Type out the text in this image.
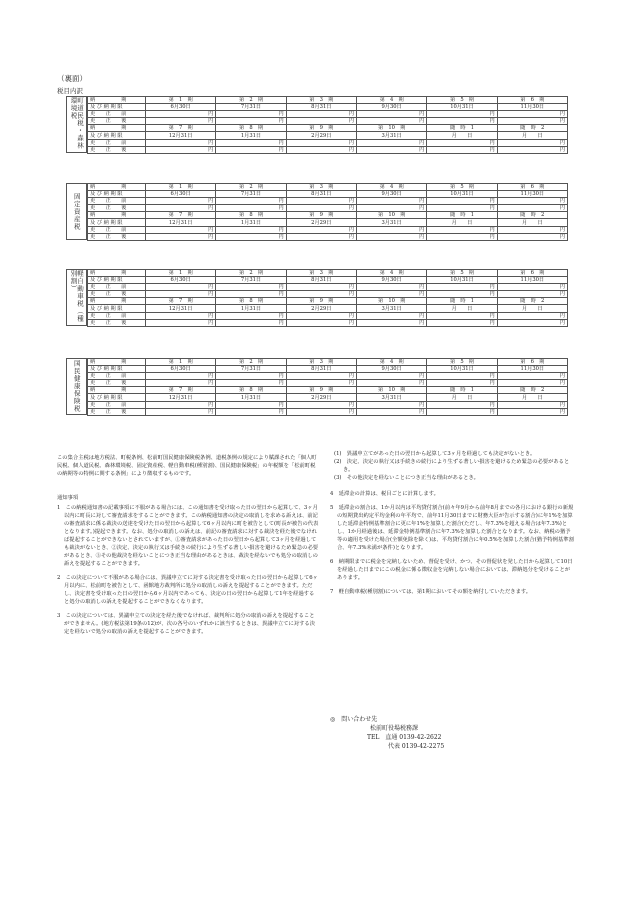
（裏面）
税目内訳
町道民税・森林環境税	納　　　　　期	第　1　期	第　2　期	第　3　期	第　4　期	第　5　期	第　6　期
及 び 納 期 限	6月30日	7月31日	8月31日	9月30日	10月31日	11月30日
更　　正　　前	円	円	円	円	円	円
更　　正　　後	円	円	円	円	円	円
納　　　　　期	第　7　期	第　8　期	第　9　期	第　10　期	随　時　1	随　時　2
及 び 納 期 限	12月31日	1月31日	2月29日	3月31日	月　　日	月　　日
更　　正　　前	円	円	円	円	円	円
更　　正　　後	円	円	円	円	円	円
固定資産税
納　　　　　期	第　1　期	第　2　期	第　3　期	第　4　期	第　5　期	第　6　期
及 び 納 期 限	6月30日	7月31日	8月31日	9月30日	10月31日	11月30日
更　　正　　前	円	円	円	円	円	円
更　　正　　後	円	円	円	円	円	円
納　　　　　期	第　7　期	第　8　期	第　9　期	第　10　期	随　時　1	随　時　2
及 び 納 期 限	12月31日	1月31日	2月29日	3月31日	月　　日	月　　日
更　　正　　前	円	円	円	円	円	円
更　　正　　後	円	円	円	円	円	円
軽自動車税（種別割）	納　　　　　期	第　1　期	第　2　期	第　3　期	第　4　期	第　5　期	第　6　期
及 び 納 期 限	6月30日	7月31日	8月31日	9月30日	10月31日	11月30日
更　　正　　前	円	円	円	円	円	円
更　　正　　後	円	円	円	円	円	円
納　　　　　期	第　7　期	第　8　期	第　9　期	第　10　期	随　時　1	随　時　2
及 び 納 期 限	12月31日	1月31日	2月29日	3月31日	月　　日	月　　日
更　　正　　前	円	円	円	円	円	円
更　　正　　後	円	円	円	円	円	円
国民健康保険税 納　　　　　期	第　1　期	第　2　期	第　3　期	第　4　期	第　5　期	第　6　期
及 び 納 期 限	6月30日	7月31日	8月31日	9月30日	10月31日	11月30日
更　　正　　前	円	円	円	円	円	円
更　　正　　後	円	円	円	円	円	円
納　　　　　期	第　7　期	第　8　期	第　9　期	第　10　期	随　時　1	随　時　2
及 び 納 期 限	12月31日	1月31日	2月29日	3月31日	月　　日	月　　日
更　　正　　前	円	円	円	円	円	円
更　　正　　後	円	円	円	円	円	円
この集合主税は地方税法、町税条例、松前町国民健康保険税条例、道税条例の規定により賦課された「個人町民税、個人道民税、森林環境税、固定資産税、軽自動車税(種別割)、国民健康保険税」の年税額を「松前町税の納期等の特例に関する条例」により徴収するものです。

通知事項

1　この納税通知書の記載事項に不服がある場合には、この通知書を受け取った日の翌日から起算して、3ヶ月以内に町長に対して審査請求をすることができます。この納税通知書の決定の取消しを求める訴えは、前記の審査請求に係る裁決の送達を受けた日の翌日から起算して6ヶ月以内に町を被告として(町長が被告の代表となります。)提起できます。なお、処分の取消しの訴えは、前記の審査請求に対する裁決を経た後でなければ提起することができないとされていますが、①審査請求があった日の翌日から起算して3ヶ月を経過しても裁決がないとき、②決定、決定の執行又は手続きの続行により生ずる著しい損害を避けるため緊急の必要があるとき、③その他裁決を経ないことにつき正当な理由があるときは、裁決を経ないでも処分の取消しの訴えを提起することができます。

2　この決定について不服がある場合には、異議申立てに対する決定書を受け取った日の翌日から起算して6ヶ月以内に、松前町を被告として、函館地方裁判所に処分の取消しの訴えを提起することができます。ただし、決定書を受け取った日の翌日から6ヶ月以内であっても、決定の日の翌日から起算して1年を経過すると処分の取消しの訴えを提起することができなくなります。

3　この決定については、異議申立ての決定を経た後でなければ、裁判所に処分の取消の訴えを提起することができません。(地方税法第19条の12)が、次の各号のいずれかに該当するときは、異議申立てに対する決定を経ないで処分の取消の訴えを提起することができます。

(1)　異議申立てがあった日の翌日から起算して3ヶ月を経過しても決定がないとき。

(2)　決定、決定の執行又は手続きの続行により生ずる著しい損害を避けるため緊急の必要があるとき。

(3)　その他決定を経ないことにつき正当な理由があるとき。

4　延滞金の計算は、税目ごとに計算します。

5　延滞金の割合は、1か月以内は平均貸付割合(前々年9月から前年8月までの各月における銀行の新規の短期貸出約定平均金利の年平均で、前年11月30日までに財務大臣が告示する割合)に年1%を加算した延滞金特例基準割合に更に年1%を加算した割合(ただし、年7.3%を超える場合は年7.3%)とし、1か月経過後は、延滞金特例基準割合に年7.3%を加算した割合となります。なお、納税の猶予等の適用を受けた場合(全額免除を除く)は、平均貸付割合に年0.5%を加算した割合(猶予特例基準割合、年7.3%未満が条件)となります。

6　納期限までに税金を完納しないため、督促を受け、かつ、その督促状を発した日から起算して10日を経過した日までにこの税金に係る徴収金を完納しない場合においては、滞納処分を受けることがあります。

7　軽自動車税(種別割)については、第1期においてその額を納付していただきます。

◎　 問い合わせ先
松前町役場税務課
TEL　直通 0139-42-2622
代表 0139-42-2275
